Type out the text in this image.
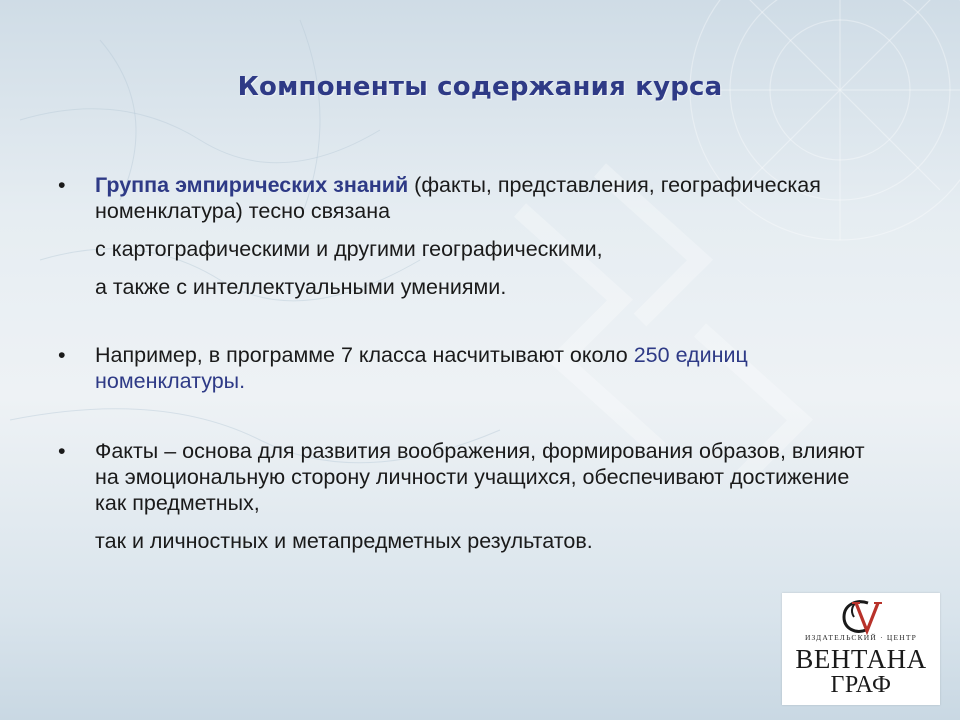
Компоненты содержания курса
• Группа эмпирических знаний (факты, представления, географическая номенклатура) тесно связана

с картографическими и другими географическими,

а также с интеллектуальными умениями.

• Например, в программе 7 класса насчитывают около 250 единиц номенклатуры.

• Факты – основа для развития воображения, формирования образов, влияют на эмоциональную сторону личности учащихся, обеспечивают достижение как предметных,

так и личностных и метапредметных результатов.

ИЗДАТЕЛЬСКИЙ · ЦЕНТР
ВЕНТАНА
ГРАФ
